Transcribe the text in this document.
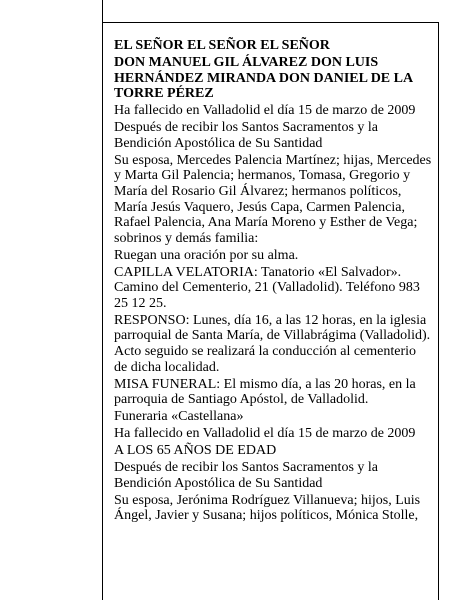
EL SEÑOR EL SEÑOR EL SEÑOR

DON MANUEL GIL ÁLVAREZ DON LUIS HERNÁNDEZ MIRANDA DON DANIEL DE LA TORRE PÉREZ

Ha fallecido en Valladolid el día 15 de marzo de 2009

Después de recibir los Santos Sacramentos y la Bendición Apostólica de Su Santidad

Su esposa, Mercedes Palencia Martínez; hijas, Mercedes y Marta Gil Palencia; hermanos, Tomasa, Gregorio y María del Rosario Gil Álvarez; hermanos políticos, María Jesús Vaquero, Jesús Capa, Carmen Palencia, Rafael Palencia, Ana María Moreno y Esther de Vega; sobrinos y demás familia:

Ruegan una oración por su alma.

CAPILLA VELATORIA: Tanatorio «El Salvador». Camino del Cementerio, 21 (Valladolid). Teléfono 983 25 12 25.

RESPONSO: Lunes, día 16, a las 12 horas, en la iglesia parroquial de Santa María, de Villabrágima (Valladolid). Acto seguido se realizará la conducción al cementerio de dicha localidad.

MISA FUNERAL: El mismo día, a las 20 horas, en la parroquia de Santiago Apóstol, de Valladolid.

Funeraria «Castellana»

Ha fallecido en Valladolid el día 15 de marzo de 2009

A LOS 65 AÑOS DE EDAD

Después de recibir los Santos Sacramentos y la Bendición Apostólica de Su Santidad

Su esposa, Jerónima Rodríguez Villanueva; hijos, Luis Ángel, Javier y Susana; hijos políticos, Mónica Stolle,
